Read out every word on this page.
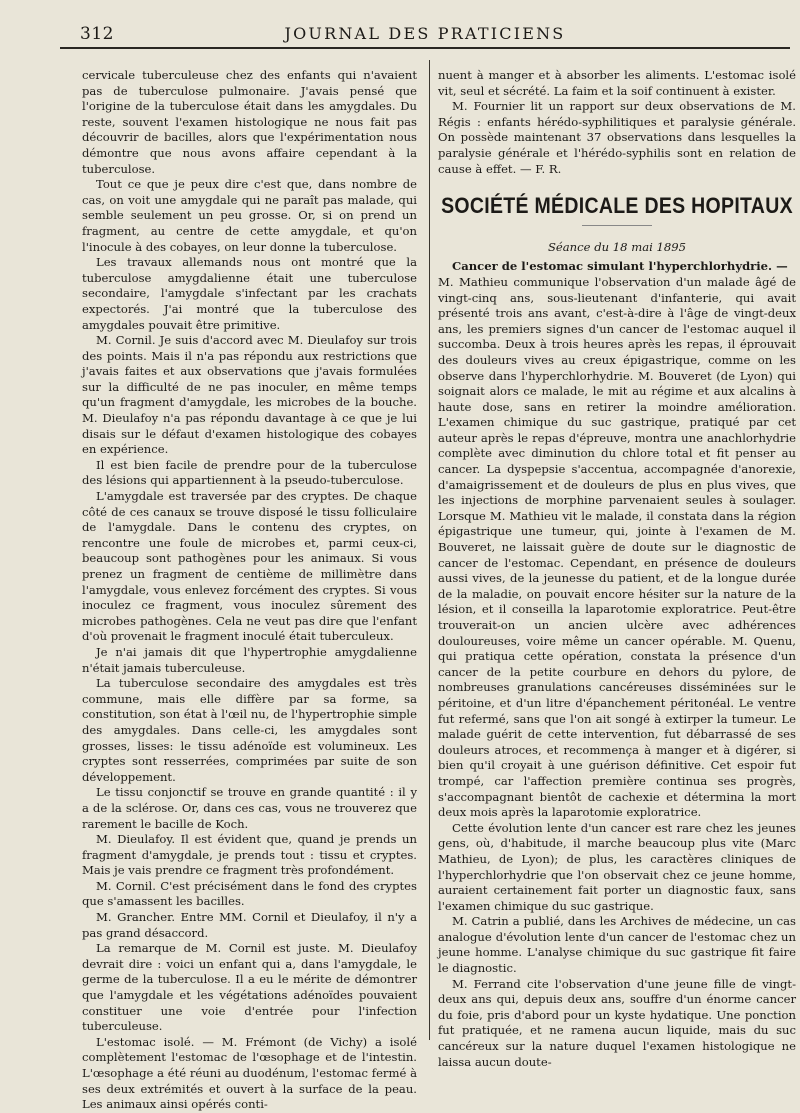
312	JOURNAL DES PRATICIENS

cervicale tuberculeuse chez des enfants qui n'avaient pas de tuberculose pulmonaire. J'avais pensé que l'origine de la tuberculose était dans les amygdales. Du reste, souvent l'examen histologique ne nous fait pas découvrir de bacilles, alors que l'expérimentation nous démontre que nous avons affaire cependant à la tuberculose.

Tout ce que je peux dire c'est que, dans nombre de cas, on voit une amygdale qui ne paraît pas malade, qui semble seulement un peu grosse. Or, si on prend un fragment, au centre de cette amygdale, et qu'on l'inocule à des cobayes, on leur donne la tuberculose.

Les travaux allemands nous ont montré que la tuberculose amygdalienne était une tuberculose secondaire, l'amygdale s'infectant par les crachats expectorés. J'ai montré que la tuberculose des amygdales pouvait être primitive.

M. Cornil. Je suis d'accord avec M. Dieulafoy sur trois des points. Mais il n'a pas répondu aux restrictions que j'avais faites et aux observations que j'avais formulées sur la difficulté de ne pas inoculer, en même temps qu'un fragment d'amygdale, les microbes de la bouche. M. Dieulafoy n'a pas répondu davantage à ce que je lui disais sur le défaut d'examen histologique des cobayes en expérience.

Il est bien facile de prendre pour de la tuberculose des lésions qui appartiennent à la pseudo-tuberculose.

L'amygdale est traversée par des cryptes. De chaque côté de ces canaux se trouve disposé le tissu folliculaire de l'amygdale. Dans le contenu des cryptes, on rencontre une foule de microbes et, parmi ceux-ci, beaucoup sont pathogènes pour les animaux. Si vous prenez un fragment de centième de millimètre dans l'amygdale, vous enlevez forcément des cryptes. Si vous inoculez ce fragment, vous inoculez sûrement des microbes pathogènes. Cela ne veut pas dire que l'enfant d'où provenait le fragment inoculé était tuberculeux.

Je n'ai jamais dit que l'hypertrophie amygdalienne n'était jamais tuberculeuse.

La tuberculose secondaire des amygdales est très commune, mais elle diffère par sa forme, sa constitution, son état à l'œil nu, de l'hypertrophie simple des amygdales. Dans celle-ci, les amygdales sont grosses, lisses: le tissu adénoïde est volumineux. Les cryptes sont resserrées, comprimées par suite de son développement.

Le tissu conjonctif se trouve en grande quantité : il y a de la sclérose. Or, dans ces cas, vous ne trouverez que rarement le bacille de Koch.

M. Dieulafoy. Il est évident que, quand je prends un fragment d'amygdale, je prends tout : tissu et cryptes. Mais je vais prendre ce fragment très profondément.

M. Cornil. C'est précisément dans le fond des cryptes que s'amassent les bacilles.

M. Grancher. Entre MM. Cornil et Dieulafoy, il n'y a pas grand désaccord.

La remarque de M. Cornil est juste. M. Dieulafoy devrait dire : voici un enfant qui a, dans l'amygdale, le germe de la tuberculose. Il a eu le mérite de démontrer que l'amygdale et les végétations adénoïdes pouvaient constituer une voie d'entrée pour l'infection tuberculeuse.

L'estomac isolé. — M. Frémont (de Vichy) a isolé complètement l'estomac de l'œsophage et de l'intestin. L'œsophage a été réuni au duodénum, l'estomac fermé à ses deux extrémités et ouvert à la surface de la peau. Les animaux ainsi opérés conti-

nuent à manger et à absorber les aliments. L'estomac isolé vit, seul et sécrété. La faim et la soif continuent à exister.

M. Fournier lit un rapport sur deux observations de M. Régis : enfants hérédo-syphilitiques et paralysie générale. On possède maintenant 37 observations dans lesquelles la paralysie générale et l'hérédo-syphilis sont en relation de cause à effet. — F. R.

SOCIÉTÉ MÉDICALE DES HOPITAUX
Séance du 18 mai 1895

Cancer de l'estomac simulant l'hyperchlorhydrie. —

M. Mathieu communique l'observation d'un malade âgé de vingt-cinq ans, sous-lieutenant d'infanterie, qui avait présenté trois ans avant, c'est-à-dire à l'âge de vingt-deux ans, les premiers signes d'un cancer de l'estomac auquel il succomba. Deux à trois heures après les repas, il éprouvait des douleurs vives au creux épigastrique, comme on les observe dans l'hyperchlorhydrie. M. Bouveret (de Lyon) qui soignait alors ce malade, le mit au régime et aux alcalins à haute dose, sans en retirer la moindre amélioration. L'examen chimique du suc gastrique, pratiqué par cet auteur après le repas d'épreuve, montra une anachlorhydrie complète avec diminution du chlore total et fit penser au cancer. La dyspepsie s'accentua, accompagnée d'anorexie, d'amaigrissement et de douleurs de plus en plus vives, que les injections de morphine parvenaient seules à soulager. Lorsque M. Mathieu vit le malade, il constata dans la région épigastrique une tumeur, qui, jointe à l'examen de M. Bouveret, ne laissait guère de doute sur le diagnostic de cancer de l'estomac. Cependant, en présence de douleurs aussi vives, de la jeunesse du patient, et de la longue durée de la maladie, on pouvait encore hésiter sur la nature de la lésion, et il conseilla la laparotomie exploratrice. Peut-être trouverait-on un ancien ulcère avec adhérences douloureuses, voire même un cancer opérable. M. Quenu, qui pratiqua cette opération, constata la présence d'un cancer de la petite courbure en dehors du pylore, de nombreuses granulations cancéreuses disséminées sur le péritoine, et d'un litre d'épanchement péritonéal. Le ventre fut refermé, sans que l'on ait songé à extirper la tumeur. Le malade guérit de cette intervention, fut débarrassé de ses douleurs atroces, et recommença à manger et à digérer, si bien qu'il croyait à une guérison définitive. Cet espoir fut trompé, car l'affection première continua ses progrès, s'accompagnant bientôt de cachexie et détermina la mort deux mois après la laparotomie exploratrice.

Cette évolution lente d'un cancer est rare chez les jeunes gens, où, d'habitude, il marche beaucoup plus vite (Marc Mathieu, de Lyon); de plus, les caractères cliniques de l'hyperchlorhydrie que l'on observait chez ce jeune homme, auraient certainement fait porter un diagnostic faux, sans l'examen chimique du suc gastrique.

M. Catrin a publié, dans les Archives de médecine, un cas analogue d'évolution lente d'un cancer de l'estomac chez un jeune homme. L'analyse chimique du suc gastrique fit faire le diagnostic.

M. Ferrand cite l'observation d'une jeune fille de vingt-deux ans qui, depuis deux ans, souffre d'un énorme cancer du foie, pris d'abord pour un kyste hydatique. Une ponction fut pratiquée, et ne ramena aucun liquide, mais du suc cancéreux sur la nature duquel l'examen histologique ne laissa aucun doute-
